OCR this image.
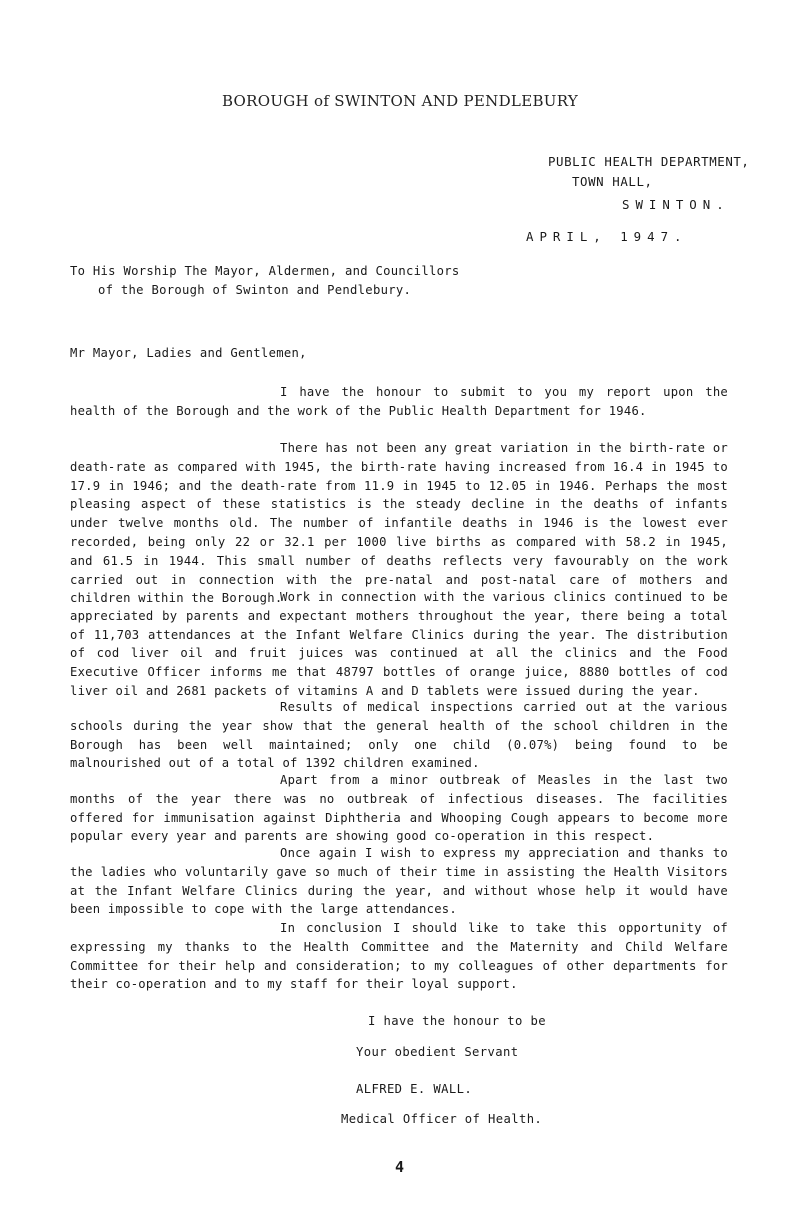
BOROUGH of SWINTON AND PENDLEBURY
PUBLIC HEALTH DEPARTMENT,
TOWN HALL,
SWINTON.
APRIL, 1947.
To His Worship The Mayor, Aldermen, and Councillors
of the Borough of Swinton and Pendlebury.
Mr Mayor, Ladies and Gentlemen,
I have the honour to submit to you my report upon the health of the Borough and the work of the Public Health Department for 1946.
There has not been any great variation in the birth-rate or death-rate as compared with 1945, the birth-rate having increased from 16.4 in 1945 to 17.9 in 1946; and the death-rate from 11.9 in 1945 to 12.05 in 1946. Perhaps the most pleasing aspect of these statistics is the steady decline in the deaths of infants under twelve months old. The number of infantile deaths in 1946 is the lowest ever recorded, being only 22 or 32.1 per 1000 live births as compared with 58.2 in 1945, and 61.5 in 1944. This small number of deaths reflects very favourably on the work carried out in connection with the pre-natal and post-natal care of mothers and children within the Borough.
Work in connection with the various clinics continued to be appreciated by parents and expectant mothers throughout the year, there being a total of 11,703 attendances at the Infant Welfare Clinics during the year. The distribution of cod liver oil and fruit juices was continued at all the clinics and the Food Executive Officer informs me that 48797 bottles of orange juice, 8880 bottles of cod liver oil and 2681 packets of vitamins A and D tablets were issued during the year.
Results of medical inspections carried out at the various schools during the year show that the general health of the school children in the Borough has been well maintained; only one child (0.07%) being found to be malnourished out of a total of 1392 children examined.
Apart from a minor outbreak of Measles in the last two months of the year there was no outbreak of infectious diseases. The facilities offered for immunisation against Diphtheria and Whooping Cough appears to become more popular every year and parents are showing good co-operation in this respect.
Once again I wish to express my appreciation and thanks to the ladies who voluntarily gave so much of their time in assisting the Health Visitors at the Infant Welfare Clinics during the year, and without whose help it would have been impossible to cope with the large attendances.
In conclusion I should like to take this opportunity of expressing my thanks to the Health Committee and the Maternity and Child Welfare Committee for their help and consideration; to my colleagues of other departments for their co-operation and to my staff for their loyal support.
I have the honour to be
Your obedient Servant
ALFRED E. WALL.
Medical Officer of Health.
4
